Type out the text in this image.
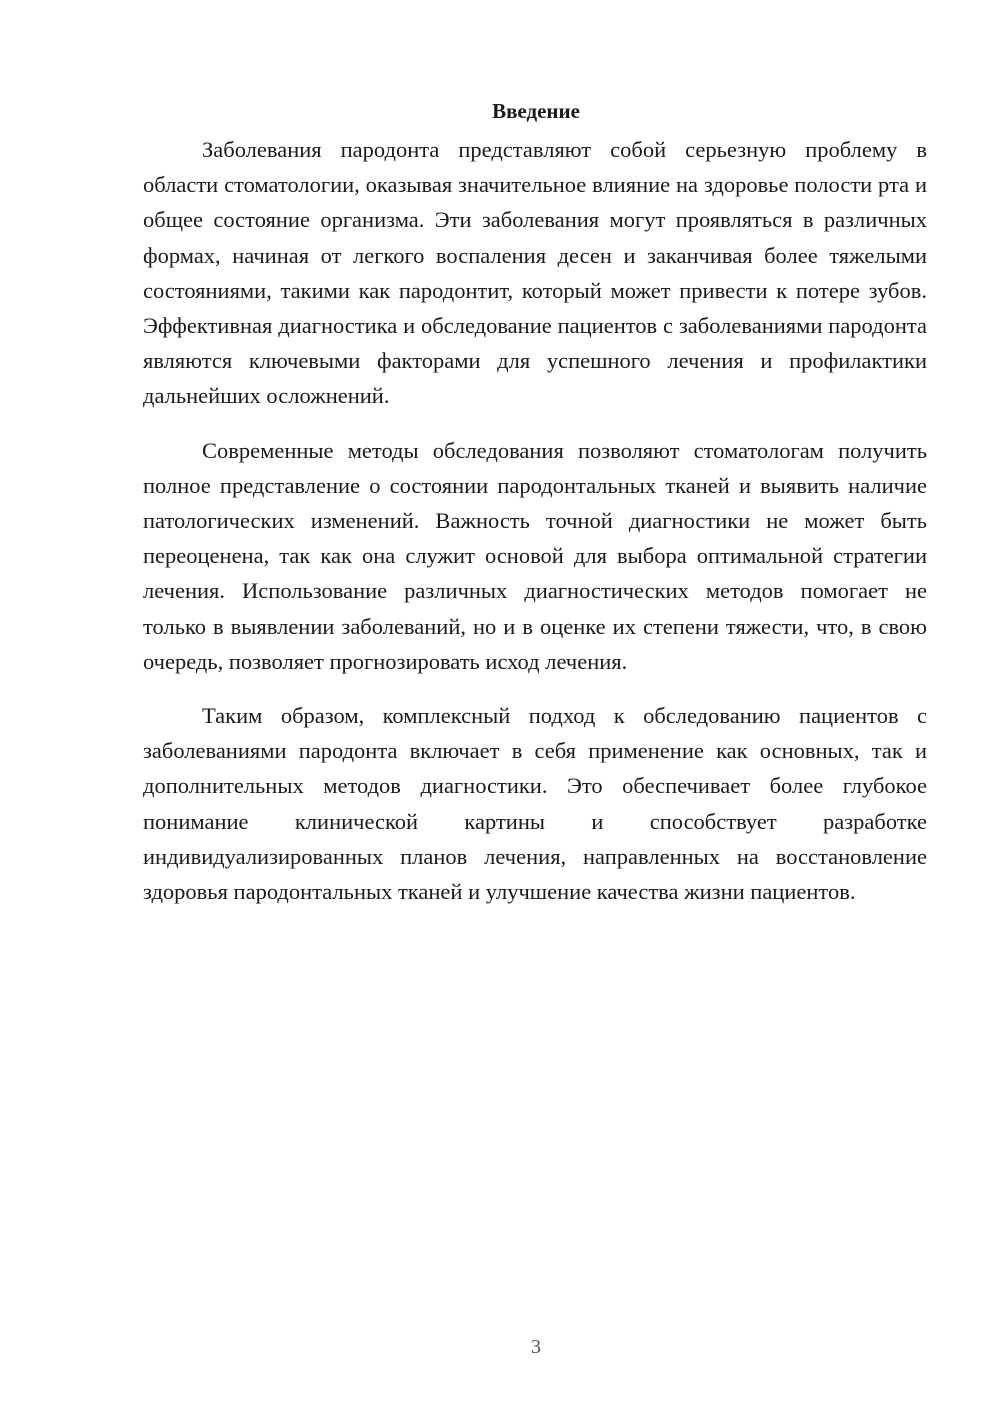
Введение

Заболевания пародонта представляют собой серьезную проблему в области стоматологии, оказывая значительное влияние на здоровье полости рта и общее состояние организма. Эти заболевания могут проявляться в различных формах, начиная от легкого воспаления десен и заканчивая более тяжелыми состояниями, такими как пародонтит, который может привести к потере зубов. Эффективная диагностика и обследование пациентов с заболеваниями пародонта являются ключевыми факторами для успешного лечения и профилактики дальнейших осложнений.

Современные методы обследования позволяют стоматологам получить полное представление о состоянии пародонтальных тканей и выявить наличие патологических изменений. Важность точной диагностики не может быть переоценена, так как она служит основой для выбора оптимальной стратегии лечения. Использование различных диагностических методов помогает не только в выявлении заболеваний, но и в оценке их степени тяжести, что, в свою очередь, позволяет прогнозировать исход лечения.

Таким образом, комплексный подход к обследованию пациентов с заболеваниями пародонта включает в себя применение как основных, так и дополнительных методов диагностики. Это обеспечивает более глубокое понимание клинической картины и способствует разработке индивидуализированных планов лечения, направленных на восстановление здоровья пародонтальных тканей и улучшение качества жизни пациентов.

3
